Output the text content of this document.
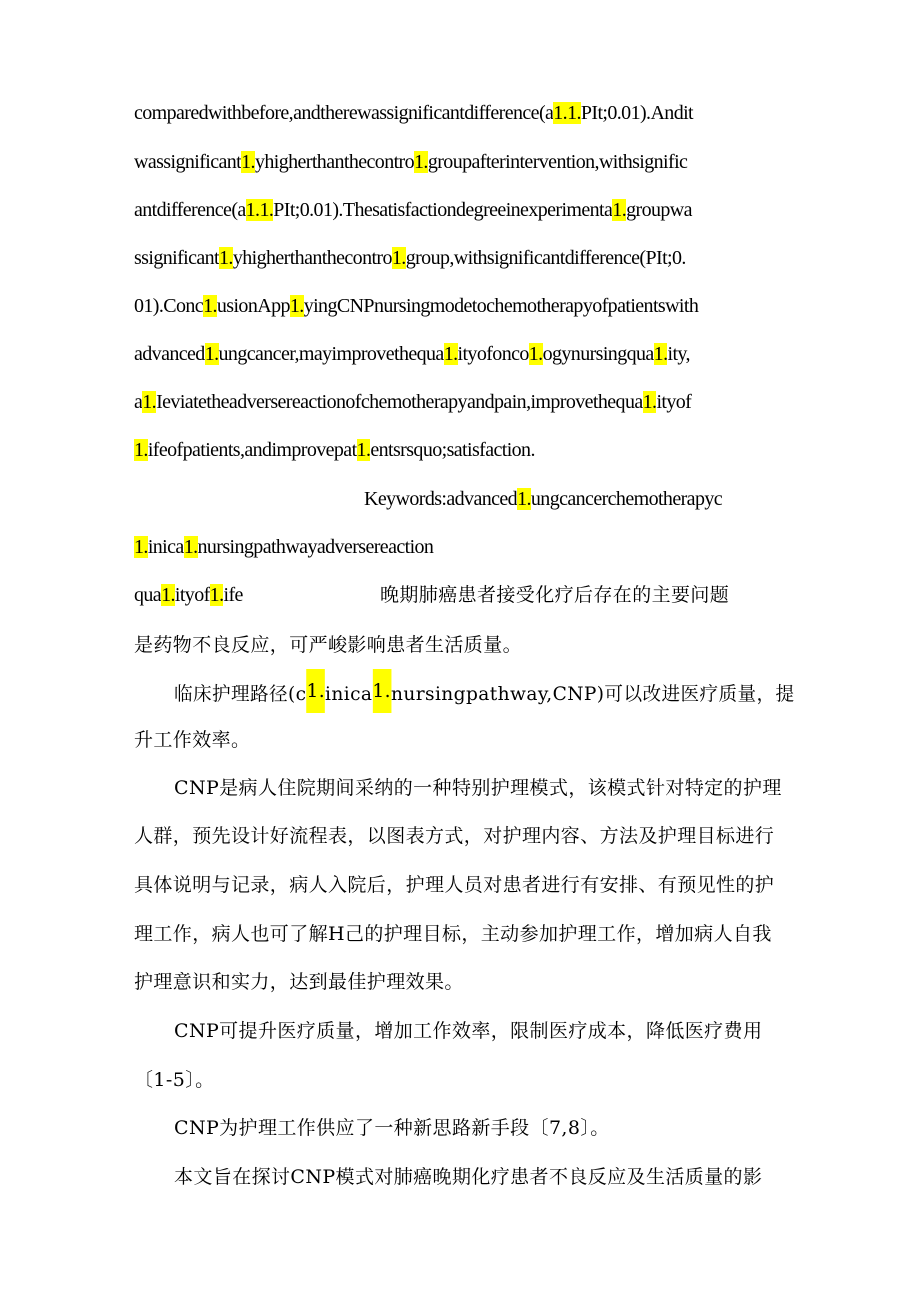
comparedwithbefore,andtherewassignificantdifference(a1.1.PIt;0.01).Andit
wassignificant1.yhigherthanthecontro1.groupafterintervention,withsignific
antdifference(a1.1.PIt;0.01).Thesatisfactiondegreeinexperimenta1.groupwa
ssignificant1.yhigherthanthecontro1.group,withsignificantdifference(PIt;0.
01).Conc1.usionApp1.yingCNPnursingmodetochemotherapyofpatientswith
advanced1.ungcancer,mayimprovethequa1.ityofonco1.ogynursingqua1.ity,
a1.Ieviatetheadversereactionofchemotherapyandpain,improvethequa1.ityof
1.ifeofpatients,andimprovepat1.entsrsquo;satisfaction.
Keywords:advanced1.ungcancerchemotherapyc
1.inica1.nursingpathwayadversereaction
qua1.ityof1.ife	晚期肺癌患者接受化疗后存在的主要问题
是药物不良反应，可严峻影响患者生活质量。
临床护理路径(c1.inica1.nursingpathway,CNP)可以改进医疗质量，提
升工作效率。
CNP是病人住院期间采纳的一种特别护理模式，该模式针对特定的护理
人群，预先设计好流程表，以图表方式，对护理内容、方法及护理目标进行
具体说明与记录，病人入院后，护理人员对患者进行有安排、有预见性的护
理工作，病人也可了解H己的护理目标，主动参加护理工作，增加病人自我
护理意识和实力，达到最佳护理效果。
CNP可提升医疗质量，增加工作效率，限制医疗成本，降低医疗费用
〔1-5〕。
CNP为护理工作供应了一种新思路新手段〔7,8〕。
本文旨在探讨CNP模式对肺癌晚期化疗患者不良反应及生活质量的影
